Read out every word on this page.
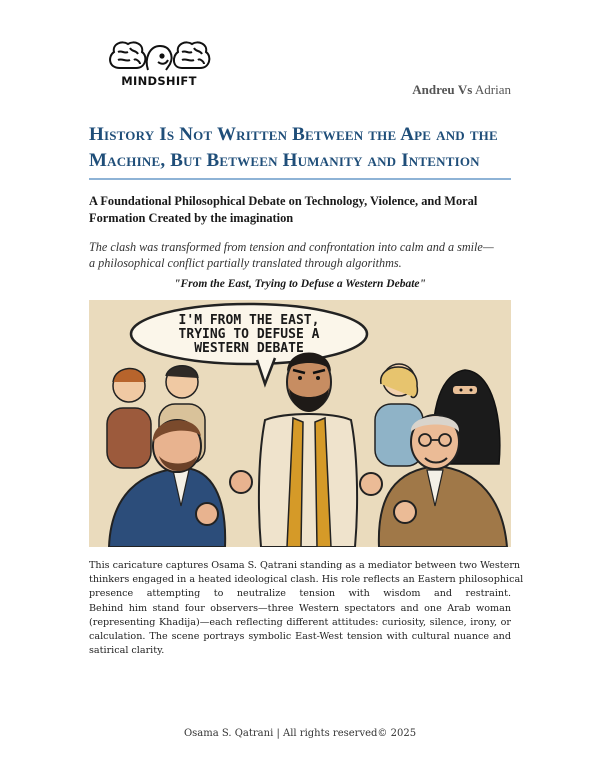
MINDSHIFT
Andreu Vs Adrian
History Is Not Written Between the Ape and the
Machine, But Between Humanity and Intention
A Foundational Philosophical Debate on Technology, Violence, and Moral
Formation Created by the imagination
The clash was transformed from tension and confrontation into calm and a smile—
a philosophical conflict partially translated through algorithms.
"From the East, Trying to Defuse a Western Debate"
I'M FROM THE EAST,
TRYING TO DEFUSE A
WESTERN DEBATE
This caricature captures Osama S. Qatrani standing as a mediator between two Western
thinkers engaged in a heated ideological clash. His role reflects an Eastern philosophical
presence attempting to neutralize tension with wisdom and restraint.
Behind him stand four observers—three Western spectators and one Arab woman
(representing Khadija)—each reflecting different attitudes: curiosity, silence, irony, or
calculation. The scene portrays symbolic East-West tension with cultural nuance and
satirical clarity.
Osama S. Qatrani | All rights reserved© 2025
